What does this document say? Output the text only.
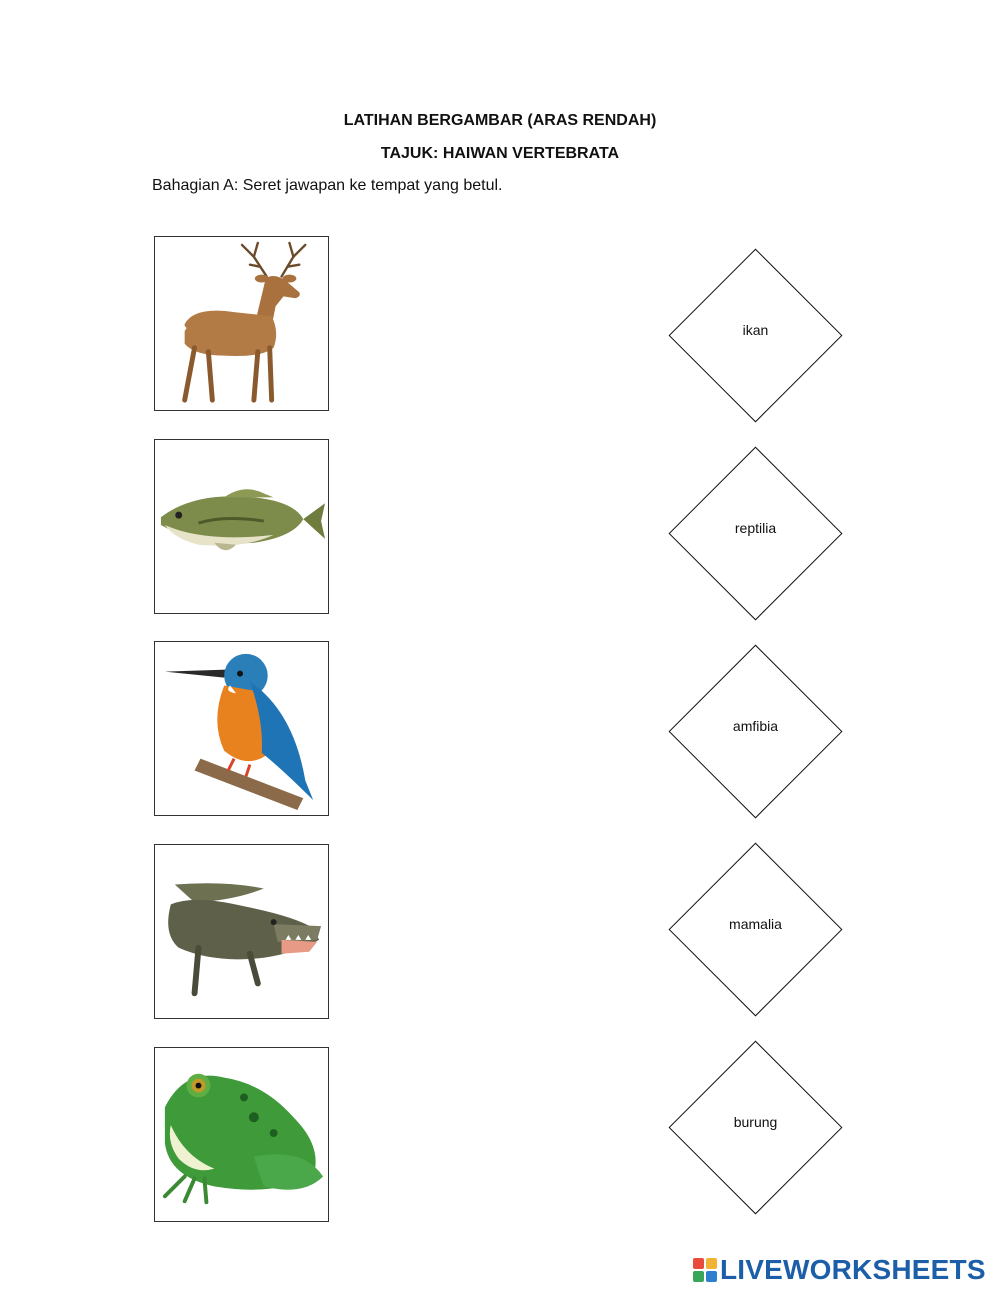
LATIHAN BERGAMBAR (ARAS RENDAH)
TAJUK: HAIWAN VERTEBRATA
Bahagian A: Seret jawapan ke tempat yang betul.
ikan
reptilia
amfibia
mamalia
burung
LIVEWORKSHEETS
